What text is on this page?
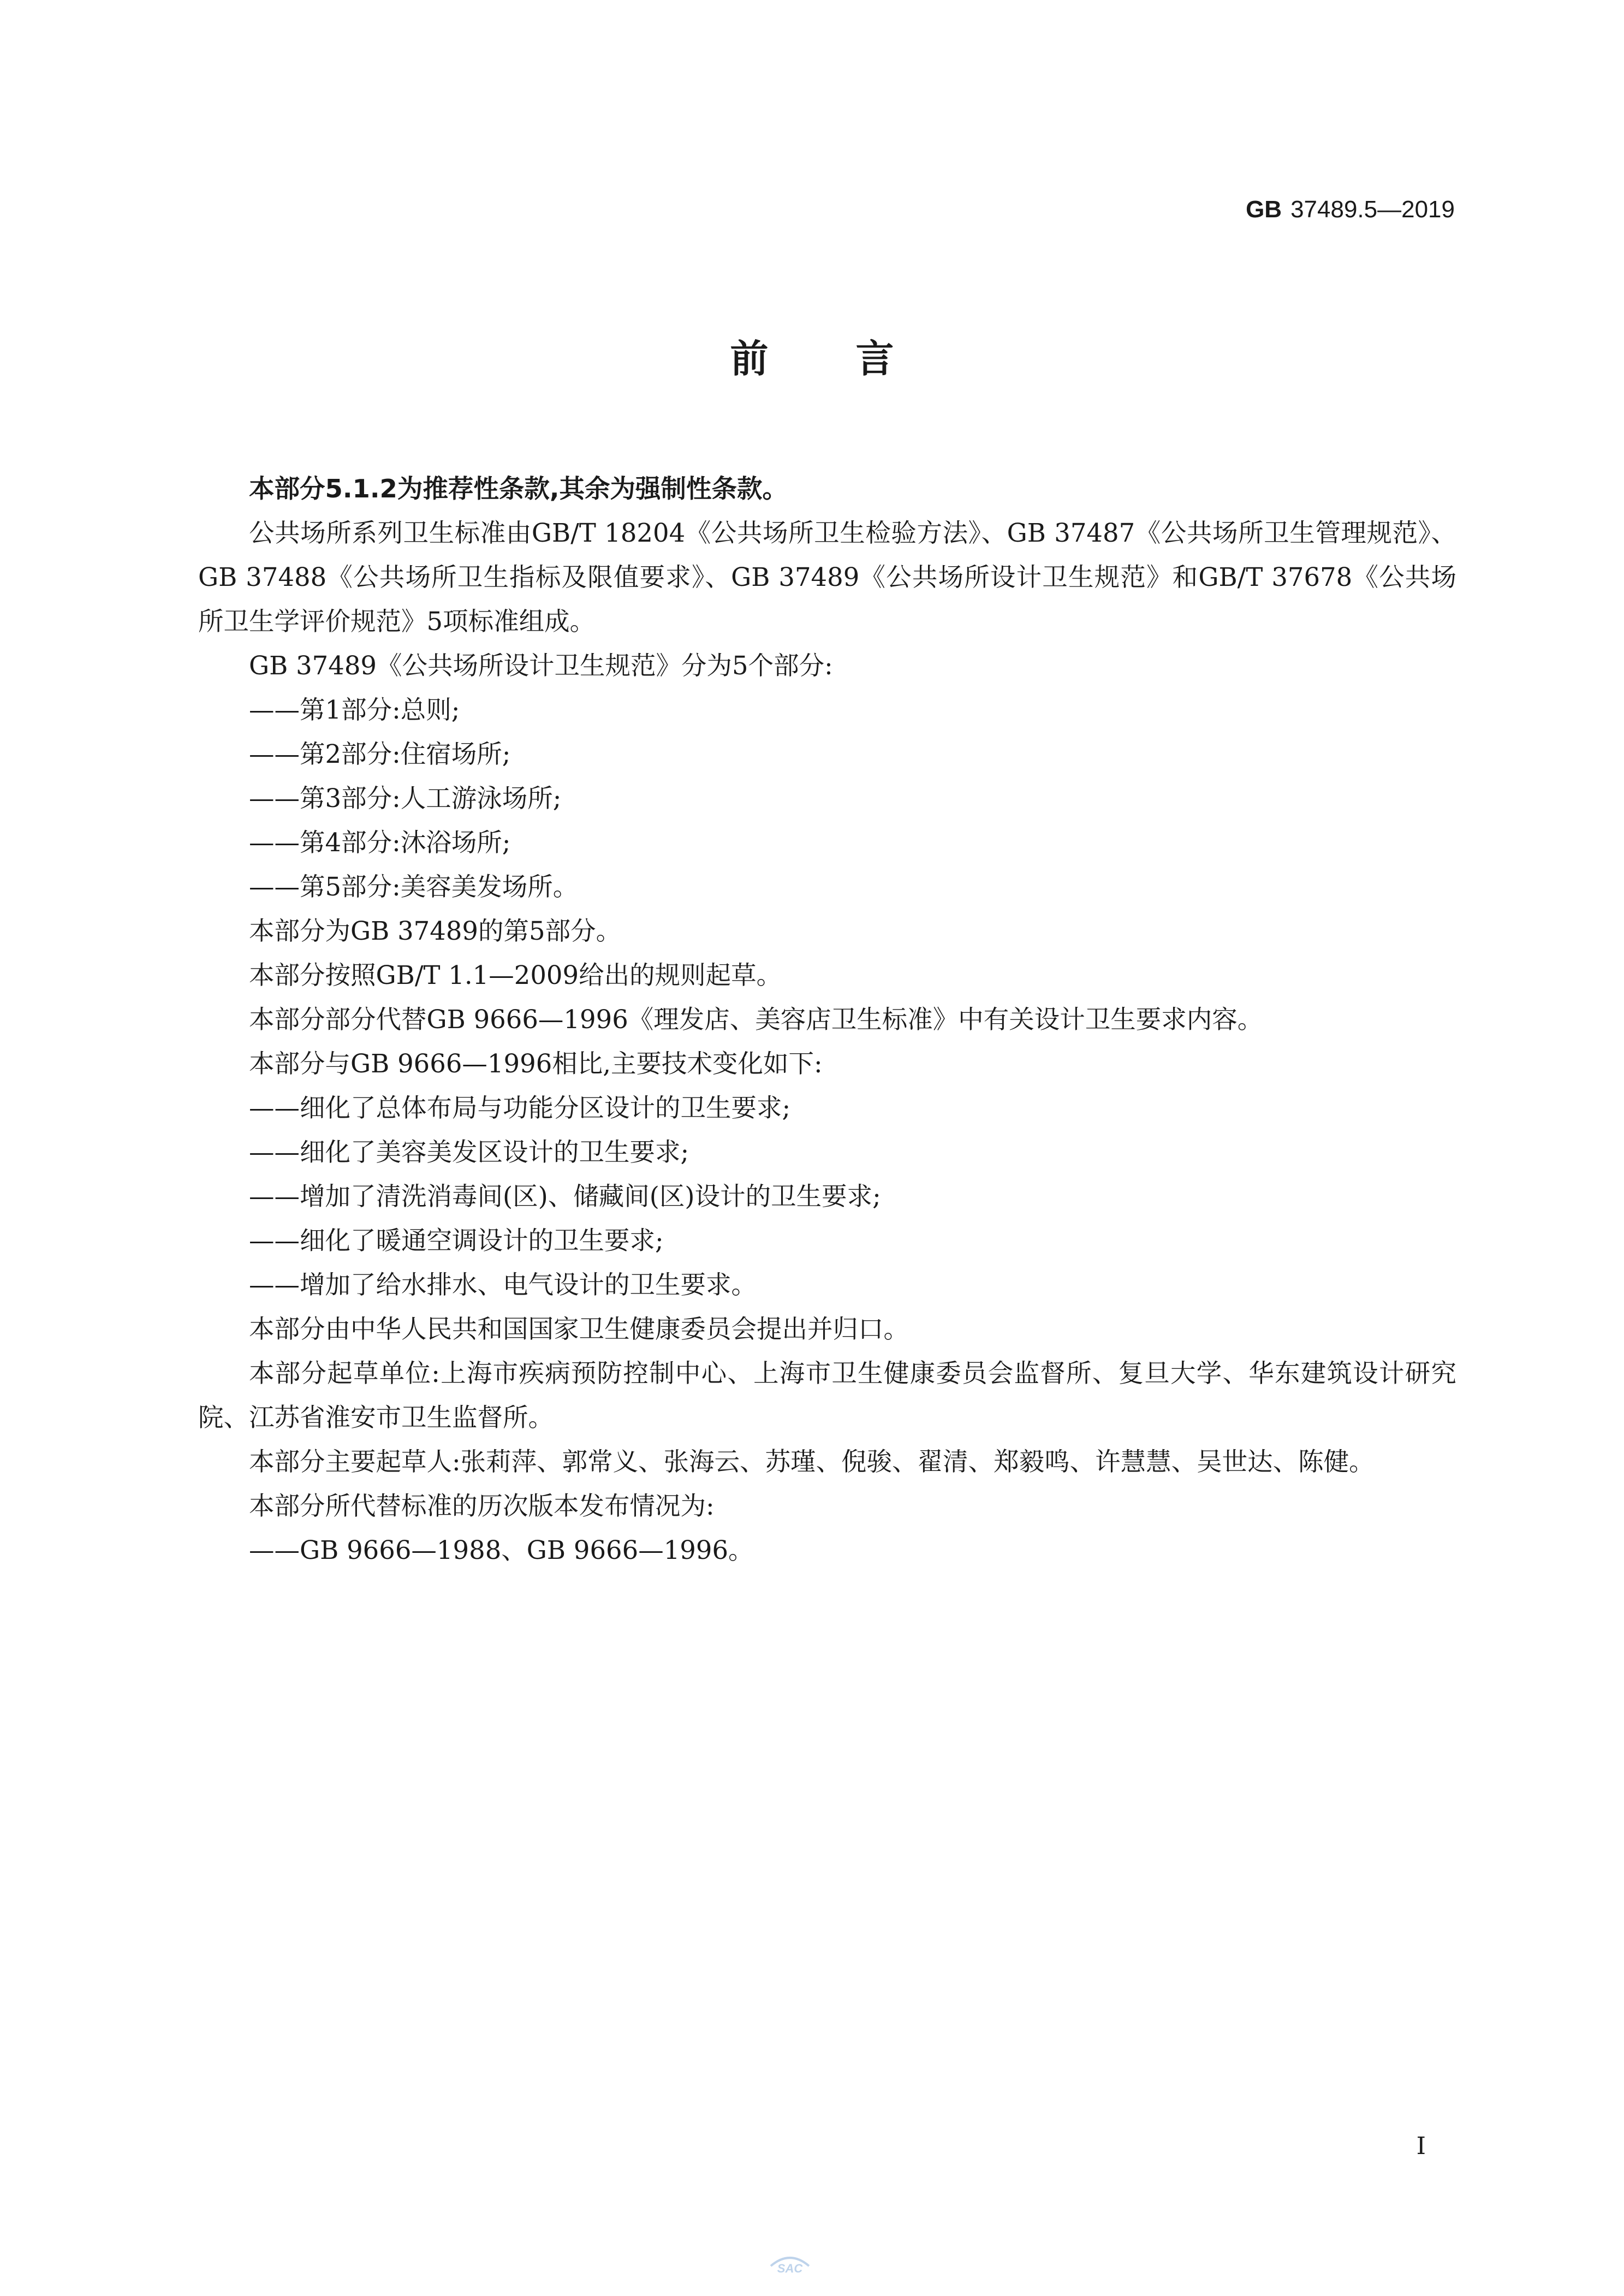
GB 37489.5—2019
前言

本部分5.1.2为推荐性条款,其余为强制性条款。

公共场所系列卫生标准由GB/T 18204《公共场所卫生检验方法》、GB 37487《公共场所卫生管理规范》、GB 37488《公共场所卫生指标及限值要求》、GB 37489《公共场所设计卫生规范》和GB/T 37678《公共场所卫生学评价规范》5项标准组成。

GB 37489《公共场所设计卫生规范》分为5个部分:

——第1部分:总则;

——第2部分:住宿场所;

——第3部分:人工游泳场所;

——第4部分:沐浴场所;

——第5部分:美容美发场所。

本部分为GB 37489的第5部分。

本部分按照GB/T 1.1—2009给出的规则起草。

本部分部分代替GB 9666—1996《理发店、美容店卫生标准》中有关设计卫生要求内容。

本部分与GB 9666—1996相比,主要技术变化如下:

——细化了总体布局与功能分区设计的卫生要求;

——细化了美容美发区设计的卫生要求;

——增加了清洗消毒间(区)、储藏间(区)设计的卫生要求;

——细化了暖通空调设计的卫生要求;

——增加了给水排水、电气设计的卫生要求。

本部分由中华人民共和国国家卫生健康委员会提出并归口。

本部分起草单位:上海市疾病预防控制中心、上海市卫生健康委员会监督所、复旦大学、华东建筑设计研究院、江苏省淮安市卫生监督所。

本部分主要起草人:张莉萍、郭常义、张海云、苏瑾、倪骏、翟清、郑毅鸣、许慧慧、吴世达、陈健。

本部分所代替标准的历次版本发布情况为:

——GB 9666—1988、GB 9666—1996。

I
SAC
